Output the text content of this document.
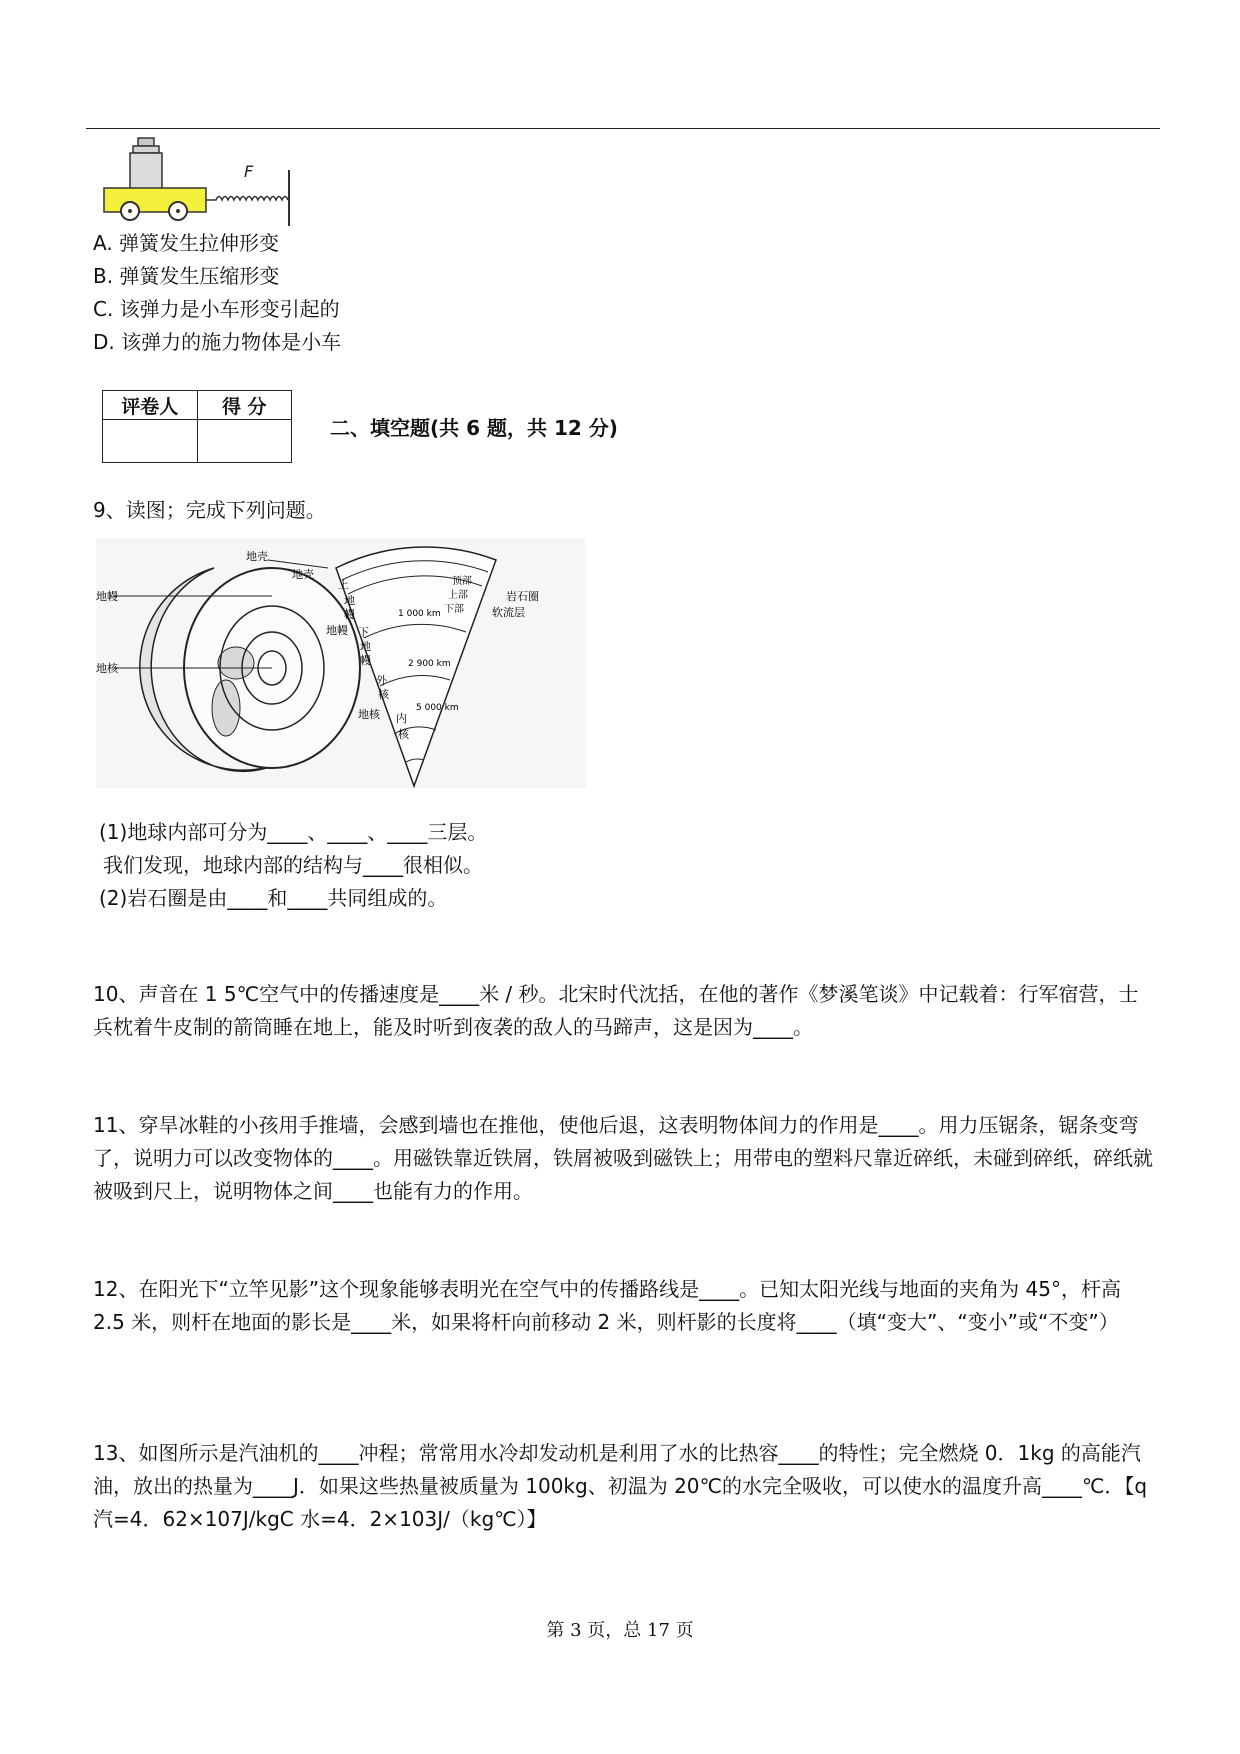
F
A. 弹簧发生拉伸形变
B. 弹簧发生压缩形变
C. 该弹力是小车形变引起的
D. 该弹力的施力物体是小车
评卷人	得 分

二、填空题(共 6 题，共 12 分)
9、读图；完成下列问题。
地壳
地幔
地核
地壳
上
地
幔
下
地幔
地
幔
外
核
地核 内
核
1 000 km
2 900 km
5 000 km
顶部
上部
下部
岩石圈
软流层
(1)地球内部可分为____、____、____三层。
我们发现，地球内部的结构与____很相似。
(2)岩石圈是由____和____共同组成的。
10、声音在 1 5℃空气中的传播速度是____米 / 秒。北宋时代沈括，在他的著作《梦溪笔谈》中记载着：行军宿营，士兵枕着牛皮制的箭筒睡在地上，能及时听到夜袭的敌人的马蹄声，这是因为____。
11、穿旱冰鞋的小孩用手推墙，会感到墙也在推他，使他后退，这表明物体间力的作用是____。用力压锯条，锯条变弯了，说明力可以改变物体的____。用磁铁靠近铁屑，铁屑被吸到磁铁上；用带电的塑料尺靠近碎纸，未碰到碎纸，碎纸就被吸到尺上，说明物体之间____也能有力的作用。
12、在阳光下“立竿见影”这个现象能够表明光在空气中的传播路线是____。已知太阳光线与地面的夹角为 45°，杆高 2.5 米，则杆在地面的影长是____米，如果将杆向前移动 2 米，则杆影的长度将____（填“变大”、“变小”或“不变”）
13、如图所示是汽油机的____冲程；常常用水冷却发动机是利用了水的比热容____的特性；完全燃烧 0．1kg 的高能汽油，放出的热量为____J．如果这些热量被质量为 100kg、初温为 20℃的水完全吸收，可以使水的温度升高____℃．【q 汽=4．62×107J/kgC 水=4．2×103J/（kg℃）】
第 3 页，总 17 页
